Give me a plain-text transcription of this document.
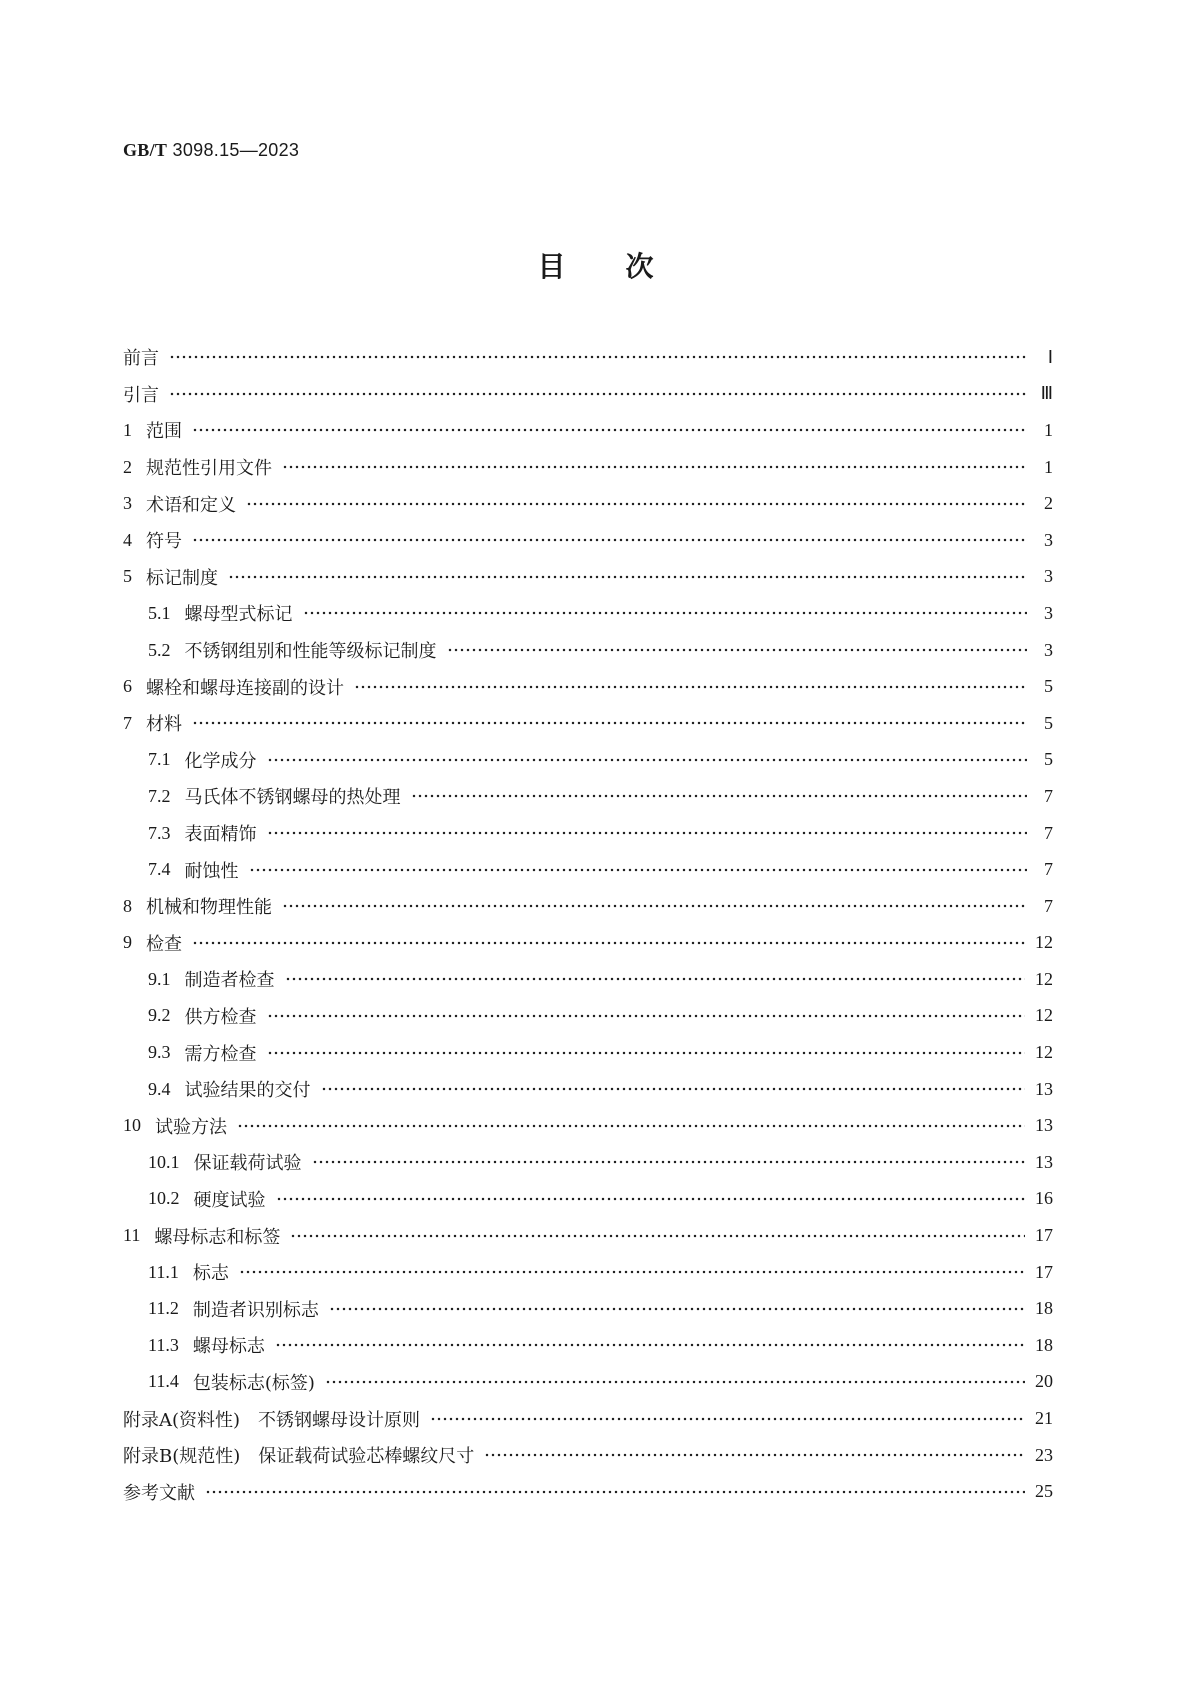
GB/T 3098.15—2023
目 次
前言	Ⅰ
引言	Ⅲ
1 范围	1
2 规范性引用文件	1
3 术语和定义	2
4 符号	3
5 标记制度	3
5.1 螺母型式标记	3
5.2 不锈钢组别和性能等级标记制度	3
6 螺栓和螺母连接副的设计	5
7 材料	5
7.1 化学成分	5
7.2 马氏体不锈钢螺母的热处理	7
7.3 表面精饰	7
7.4 耐蚀性	7
8 机械和物理性能	7
9 检查	12
9.1 制造者检查	12
9.2 供方检查	12
9.3 需方检查	12
9.4 试验结果的交付	13
10 试验方法	13
10.1 保证载荷试验	13
10.2 硬度试验	16
11 螺母标志和标签	17
11.1 标志	17
11.2 制造者识别标志	18
11.3 螺母标志	18
11.4 包装标志(标签)	20
附录A(资料性)　不锈钢螺母设计原则	21
附录B(规范性)　保证载荷试验芯棒螺纹尺寸	23
参考文献	25
